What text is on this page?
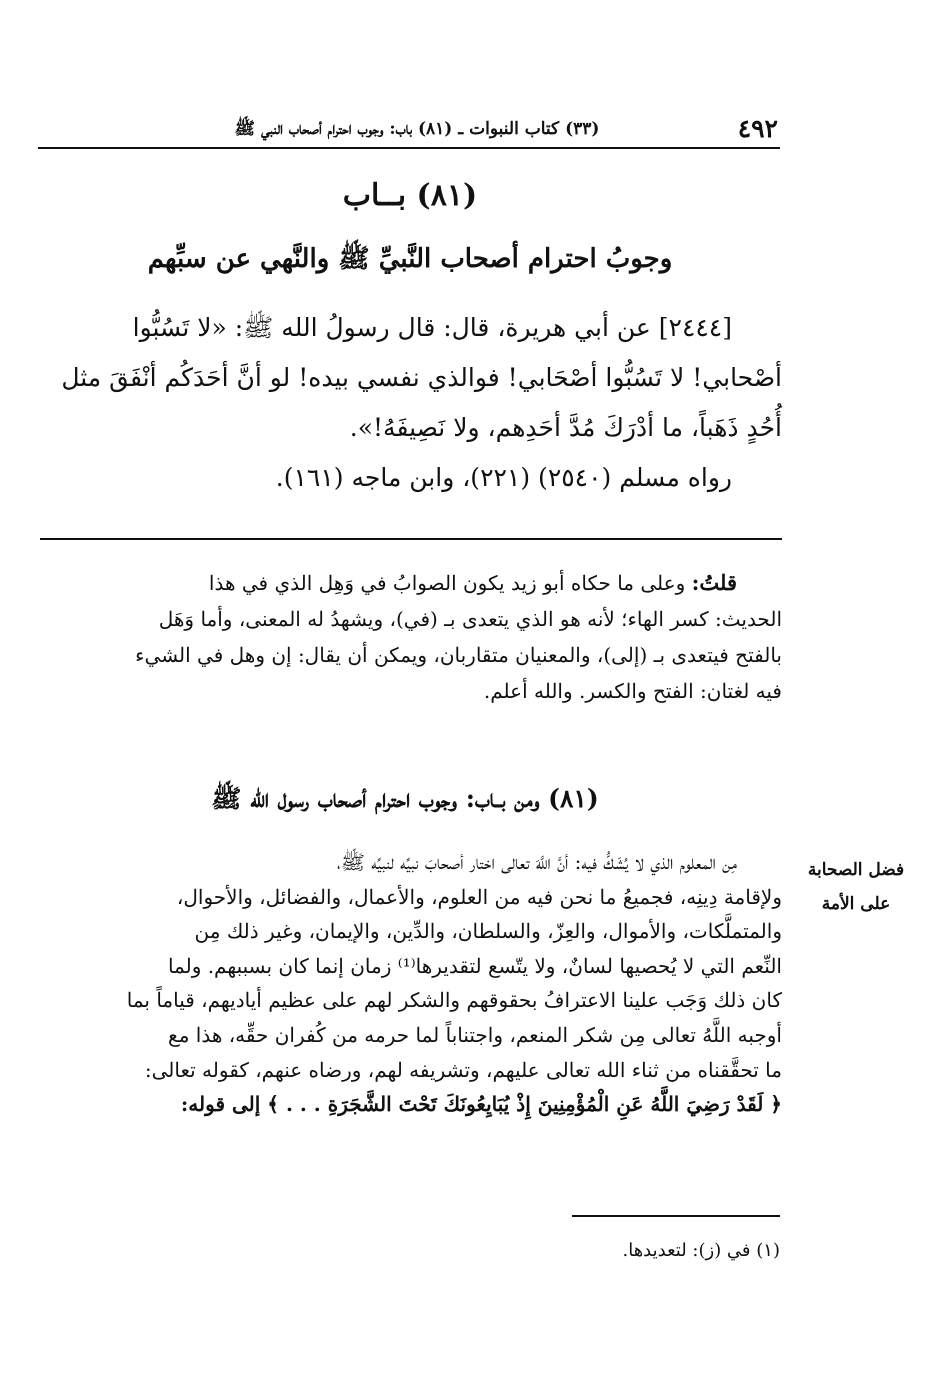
٤٩٢
(٣٣) كتاب النبوات ـ (٨١) باب: وجوب احترام أصحاب النبي ﷺ
(٨١) بــاب
وجوبُ احترام أصحاب النَّبيِّ ﷺ والنَّهي عن سبِّهم
[٢٤٤٤] عن أبي هريرة، قال: قال رسولُ الله ﷺ: «لا تَسُبُّوا
أصْحابي! لا تَسُبُّوا أصْحَابي! فوالذي نفسي بيده! لو أنَّ أحَدَكُم أنْفَقَ مثل
أُحُدٍ ذَهَباً، ما أدْرَكَ مُدَّ أحَدِهم، ولا نَصِيفَهُ!».
رواه مسلم (٢٥٤٠) (٢٢١)، وابن ماجه (١٦١).
قلتُ: وعلى ما حكاه أبو زيد يكون الصوابُ في وَهِل الذي في هذا
الحديث: كسر الهاء؛ لأنه هو الذي يتعدى بـ (في)، ويشهدُ له المعنى، وأما وَهَل
بالفتح فيتعدى بـ (إلى)، والمعنيان متقاربان، ويمكن أن يقال: إن وهل في الشيء
فيه لغتان: الفتح والكسر. والله أعلم.
(٨١) ومن بــاب: وجوب احترام أصحاب رسول الله ﷺ
فضل الصحابة
على الأمة
مِن المعلوم الذي لا يُشَكُّ فيه: أنَّ اللَّهَ تعالى اختار أصحابَ نبيِّه لنبيِّه ﷺ،
ولإقامة دِينِه، فجميعُ ما نحن فيه من العلوم، والأعمال، والفضائل، والأحوال،
والمتملَّكات، والأموال، والعِزّ، والسلطان، والدِّين، والإيمان، وغير ذلك مِن
النِّعم التي لا يُحصيها لسانٌ، ولا يتّسع لتقديرها⁽¹⁾ زمان إنما كان بسببهم. ولما
كان ذلك وَجَب علينا الاعترافُ بحقوقهم والشكر لهم على عظيم أياديهم، قياماً بما
أوجبه اللَّهُ تعالى مِن شكر المنعم، واجتناباً لما حرمه من كُفران حقِّه، هذا مع
ما تحقَّقناه من ثناء الله تعالى عليهم، وتشريفه لهم، ورضاه عنهم، كقوله تعالى:
﴿ لَقَدْ رَضِيَ اللَّهُ عَنِ الْمُؤْمِنِينَ إِذْ يُبَايِعُونَكَ تَحْتَ الشَّجَرَةِ . . . ﴾ إلى قوله:
(١) في (ز): لتعديدها.
